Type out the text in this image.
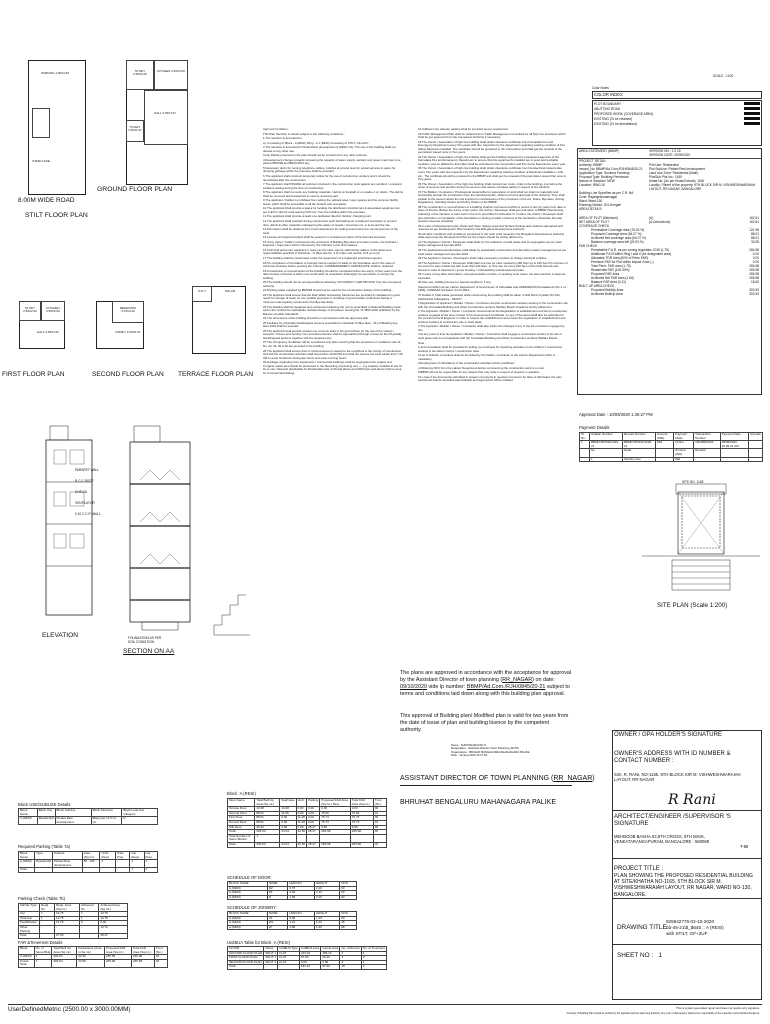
SCALE 1:100
Color Notes
COLOR INDEX
PLOT BOUNDARY
ABUTTING ROAD
PROPOSED WORK (COVERAGE AREA)
EXISTING (To be retained)
EXISTING (To be demolished)
AREA STATEMENT (BBMP)	VERSION NO.: 1.0.16
VERSION DATE: 26/09/2020
PROJECT DETAIL:
Authority: BBMP	Plot Use: Residential
Inward_No: BBMP/Ad.Com./RJH/0845/20-21 Plot SubUse: Plotted Resi development
Application Type: Suvarna Parvangi	Land Use Zone: Residential (Main)
Proposal Type: Building Permission	Plot/Sub Plot No.: 1165
Nature of Sanction: NEW	Khata No. (As per Khata Extract): 1165
Location: RING-III	Locality / Street of the property: 5TH BLOCK SIR M. VISHWESHWARAIAH LAYOUT, RR NAGAR, BANGALORE
Building Line Specified as per Z.R: NA
Zone: Rajarajeshwarinagar
Ward: Ward-130
Planning District: 301-Kengeri
AREA DETAILS:
AREA OF PLOT (Minimum)	(A)	162.61
NET AREA OF PLOT	(A-Deductions)	162.61
COVERAGE CHECK
Permissible Coverage area (75.00 %)	121.96
Proposed Coverage Area (54.07 %)	88.01
Achieved Net coverage area (54.07 %)	88.01
Balance coverage area left (20.93 %)	33.95
FAR CHECK
Permissible F.A.R. as per zoning regulation 2015 (1.75)	284.58
Additional F.A.R within Ring I and II (for designated area)	0.00
Allowable TDR Area (60% of Perm.FAR)	0.00
Premium FAR for Plot within Impact Zone (-)	0.00
Total Perm. FAR area (1.75)	284.58
Residential FAR (100.00%)	265.98
Proposed FAR Area	265.98
Achieved Net FAR Area (1.64)	265.98
Balance FAR Area (0.11)	18.60
BUILT UP AREA CHECK
Proposed BuiltUp Area	303.53
Achieved BuiltUp Area	303.53
Approval Date : 10/09/2020 1:36:27 PM
Payment Details
Sr No.	Challan Number	Receipt Number	Amount (INR)	Payment Mode	Transaction Number	Payment Date	Remark
1	BBMP/18794/CH/20-21	BBMP/18794/CH/20-21	894	Online	10445800163	08/09/2020 10:09:31 AM	
	No.	Head		Amount (INR)	Remark		
	1	Scrutiny Fee		894	-		
SITE NO. 1165
SITE PLAN (Scale 1:200)

Approval Condition :

This Plan Sanction is issued subject to the following conditions :

1.The sanction is accorded for.

a). Consisting of 'Block - A (RESI) Wing - A 1 (RESI) Consisting of STILT, GF+2UF'.

2.The sanction is accorded for Plotted Resi development A (RESI) only. The use of the building shall not deviate to any other use.

3.Car Parking reserved in the plan should not be converted for any other purpose.

4.Development charges towards increasing the capacity of water supply, sanitary and power main has to be paid to BWSSB and BESCOM if any.

5.Necessary ducts for running telephone cables, cubicles at ground level for postal services & space for dumping garbage within the premises shall be provided.

6.The applicant shall construct temporary toilets for the use of construction workers and it should be demolished after the construction.

7.The applicant shall INSURE all workmen involved in the construction work against any accident / untoward incidents arising during the time of construction.

8.The applicant shall not stock any building materials / debris on footpath or on roads or on drains. The debris shall be removed and transported to near by dumping yard.

9.The applicant / builder is prohibited from selling the setback area / open spaces and the common facility areas, which shall be accessible to all the tenants and occupants.

10.The applicant shall provide a space for locating the distribution transformers & associated equipment as per K.E.R.C (Es.D) code leaving 3.00 mts. from the building within the premises.

11.The applicant shall provide at least one dedicated 'Electric Vehicle' charging point.

12.The applicant shall maintain during construction such barricading as considered necessary to prevent dust, debris & other materials endangering the safety of people / structures etc. in & around the site.

13.Permission shall be obtained from forest department for cutting trees before the commencement of the work.

14.License and approved plans shall be posted in a conspicuous place of the licensed premises.

15.If any owner / builder contravenes the provisions of Building Bye-laws and rules in force, the Architect / Engineer / Supervisor will be informed by the Authority in the first instance.

16.Technical personnel, applicant or owner as the case may be shall strictly adhere to the duties and responsibilities specified in Schedule - IV (Bye-law No. 3.6) under sub section IV-8 (e) to (k).

17.The building shall be constructed under the supervision of a registered structural engineer.

18.On completion of foundation or footings before erection of walls on the foundation and in the case of columnar structure before erecting the columns 'COMMENCEMENT CERTIFICATE' shall be obtained.

19.Construction or reconstruction of the building should be completed before the expiry of five years from the date of issue of license & within one month after its completion shall apply for permission to occupy the building.

20.The building should not be occupied without obtaining 'OCCUPANCY CERTIFICATE' from the competent authority.

21.Drinking water supplied by BWSSB should not be used for the construction activity of the building.

22.The applicant shall ensure that the Rain Water Harvesting Structures are provided & maintained in good repair for storage of water for non potable purposes or recharge of ground water at all times having a minimum total capacity mentioned in the Bye-law 32(a).

23.The building shall be designed and constructed adopting the norms prescribed in National Building Code and in the 'Criteria for earthquake resistant design of structures' bearing No. IS 1893-2002 published by the Bureau of Indian Standards.

24.The dimensions of the building should be in accordance with the approved plan.

25.Facilities for physically handicapped persons prescribed in schedule XI (Bye laws - 31) of Building bye-laws 2003 shall be ensured.

26.The applicant shall provide at least one common toilet in the ground floor for the use of the visitors / servants / drivers and security men and also entrance shall be approached through a ramp for the Physically Handicapped persons together with the stepped entry.

27.The Occupancy Certificate will be considered only after ensuring that the provisions of conditions vide Sl. No. 23, 24, 25 & 26 are provided in the building.

28.The applicant shall ensure that no inconvenience is caused to the neighbors in the vicinity of construction and that the construction activities shall stop before 10.00 PM and shall not resume the work earlier than 7.00 AM to avoid hindrance during late hours and early morning hours.

29.Garbage originating from Apartments / Commercial buildings shall be segregated into organic and inorganic waste and should be processed in the Recycling processing unit ---- k.g capacity installed at site for its re-use / disposal (Applicable for Residential units of 20 and above and 2000 Sqm and above built up area for Commercial building).

31.Sufficient two wheeler parking shall be provided as per requirement.

32.Traffic Management Plan shall be obtained from Traffic Management Consultant for all high rise structures which shall be got approved from the Competent Authority if necessary.

33.The Owner / Association of high-rise building shall obtain clearance certificate from Karnataka Fire and Emergency Department every Two years with due inspection by the department regarding working condition of Fire Safety Measures installed. The certificate should be produced to the Corporation and shall get the renewal of the permission issued once in Two years.

34.The Owner / Association of high-rise building shall get the building inspected by empaneled agencies of the Karnataka Fire and Emergency Department to ensure that the equipment's installed are in good and workable condition, and an affidavit to that effect shall be submitted to the Corporation and Fire Force Department every year.

35.The Owner / Association of high-rise building shall obtain clearance certificate from the Electrical Inspectorate every Two years with due inspection by the Department regarding working condition of Electrical installation / Lifts etc., The certificate should be produced to the BBMP and shall get the renewal of the permission issued that once in Two years.

36.The Owner / Association of the high-rise building shall conduct two mock - trials in the building, one before the onset of summer and another during the summer and assure complete safety in respect of fire hazards.

37.The Builder / Contractor / Professional responsible for supervision of work shall not shall not materially and structurally deviate the construction from the sanctioned plan, without previous approval of the authority. They shall explain to the owner's about the risk involved in contravention of the provisions of the Act, Rules, Bye-laws, Zoning Regulations, Standing Orders and Policy Orders of the BBMP.

38.The construction or reconstruction of a building shall be commenced within a period of two (2) years from date of issue of licence. Before the expiry of two years, the Owner / Developer shall give intimation to BBMP (Sanctioning Authority) of the intention to start work in the form prescribed in Schedule VI. Further, the Owner / Developer shall give intimation on completion of the foundation or footing of walls / columns of the foundation. Otherwise the plan sanction deemed cancelled.

39.In case of Development plan, Parks and Open Spaces area and Surface Parking area shall be earmarked and reserved as per Development Plan issued by the Bangalore Development Authority.

40.All other conditions and conditions mentioned in the work order issued by the Bangalore Development Authority while approving the Development Plan for the project should be strictly adhered to.

41.The Applicant / Owner / Developer shall abide by the collection of solid waste and its segregation as per solid waste management bye-law 2016.

42.The applicant/owner/developer shall abide by sustainable construction and demolition waste management as per solid waste management bye-law 2016.

43.The Applicant / Owners / Developers shall make necessary provision to charge electrical vehicles.

44.The Applicant / Owner / Developer shall plant one tree for sites measuring 180 Sqm up to 240 Sqm b) minimum of two trees for sites measuring with more than 240 Sqm. c) One tree for every 240 Sqm of the FAR area as part thereof in case of Apartment / group housing / multi-dwelling unit/development plan.

45.In case of any false information, misrepresentation of facts, or pending court cases, the plan sanction is deemed cancelled.

46.Also see, building licence for special conditions, if any.

Special Condition as per Labour Department of Government of Karnataka vide ADDENDUM (Karnataka Act No.1 of 1996), LD/95/LET/13 dated: 01-04-2013 :

47.Details of C&D waste generated while constructing the building shall be taken to NIE Rock Crystals NO.13A CHIKKAJALA Bangalore - 562157.

1.Registration of Applicant / Builder / Owner / Contractor and the construction workers working in the construction site with the 'Karnataka Building and Other Construction workers Welfare Board' should be strictly adhered to.

2.The Applicant / Builder / Owner / Contractor should submit the Registration of establishment and list of construction workers engaged at the time of issue of Commencement Certificate. A copy of the same shall also be submitted to the concerned local Engineer in order to inspect the establishment and ensure the registration of establishment and workers working at construction site or work place.

3.The Applicant / Builder / Owner / Contractor shall also inform the changes if any of the list of workers engaged by him.

4.At any point of time No Applicant / Builder / Owner / Contractor shall engage a construction worker in his site or work place who is not registered with the 'Karnataka Building and Other Construction workers Welfare Board'.

Note :

1.Accommodation shall be provided for setting up of schools for imparting education to the children f construction workers in the labour camps / construction sites.

2.List of children of workers shall be furnished by the builder / contractor to the Labour Department which is mandatory.

3.Employment of child labour in the construction activities strictly prohibited.

4.Obtaining NOC from the Labour Department before commencing the construction work is a must.

5.BBMP will not be responsible for any dispute that may arise in respect of property in question.

6.In case if the documents submitted in respect of property in question is found to be false or fabricated, the plan sanctioned stands cancelled automatically and legal action will be initiated.

The plans are approved in accordance with the acceptance for approval by the Assistant Director of town planning (RR_NAGAR) on date: 09/10/2020 vide lp number: BBMP/Ad.Com./RJH/0845/20-21 subject to terms and conditions laid down along with this building plan approval.
This approval of Building plan/ Modified plan is valid for two years from the date of issue of plan and building licence by the competent authority.
Name : SURYANARAYAN S
Designation : Assistant Director Town Planning (ADTP)
Organization : BRUHAT BANGALORE MAHANAGARA PALIKE
Date : 10-Sep-2020 13:17:04
ASSISTANT DIRECTOR OF TOWN PLANNING (RR_NAGAR)
BHRUHAT BENGALURU MAHANAGARA PALIKE
OWNER / GPA HOLDER'S SIGNATURE
OWNER'S ADDRESS WITH ID NUMBER & CONTACT NUMBER :
Smt. R. RANI. NO-1165, 5TH BLOCK SIR M. VISHWESHWARAIAH LAYOUT, RR NAGAR
R Rani
ARCHITECT/ENGINEER /SUPERVISOR 'S SIGNATURE
MEHBOOB BASHA.03,8TH CROSS, 5TH MAIN, VENKATARANGAPURAM, BANGALORE - 560088
T-86
PROJECT TITLE :
PLAN SHOWING THE PROPOSED RESIDENTIAL BUILDING AT SITE/KHATHA NO-1165, 5TH BLOCK SIR M. VISHWESHWARAIAH LAYOUT, RR NAGAR, WARD NO-130, BANGALORE.
DRAWING TITLE :
925842776-02-10-2020
04-45-21\$_$645 :: A (RESI)
with STILT, GF+2UF
SHEET NO : 1
UserDefinedMetric (2500.00 x 3000.00MM)	This is system generated report and does not require any signature.
Accuracy of Building Plan should be verified by the applicant and the approving authority. Any error or discrepancy shall be the responsibility of the respective owner/architect/engineer.
PARKING 4.30X4.30
STAIR CASE
8.00M WIDE ROAD
STILT FLOOR PLAN
STUDY 2.50X2.00
KITCHEN 2.50X2.00
TOILET 1.50X1.97
HALL 3.35X4.67
GROUND FLOOR PLAN
STUDY 2.50X2.00
KITCHEN 2.50X2.00
HALL 3.35X4.67
BEDROOM 4.70X3.40
FAMILY 3.50X2.97
O.D.T	SOLAR
FIRST FLOOR PLAN	SECOND FLOOR PLAN TERRACE FLOOR PLAN
ELEVATION
PARAPET WALL
R.C.C ROOF
CHEJJA
VENTILATOR
0.10 C.C.P. WALL
FOUNDATION AS PER SOIL CONDITION
SECTION ON AA
Block USE/SUBUSE Details
Block Name	Block Use	Block SubUse	Block Structure	Block Land Use Category
A (RESI)	Residential	Plotted Resi development	Bldg upto 11.5 mt. Ht.	R
Required Parking (Table 7a)
Block Name	Type	SubUse	Area (Sq.mt.)	Units Reqd.	Units Prop.	Car Reqd.	Car Prop.
A (RESI)	Residential	Plotted Resi development	50 - 225	1	-	1	1
Total :				-	-	1	1
Parking Check (Table 7b)
Vehicle Type	Reqd. No.	Reqd. Area (Sq.mt.)	Achieved No.	Achieved Area (Sq.mt.)
Car	1	13.75	1	13.75
Total Car	1	13.75	1	13.75
TwoWheeler	-	13.75	0	0.00
Other Parking	-	-	-	14.72
Total		27.50		28.47
FAR &Tenement Details
Block	No. of Same Bldg	Total Built Up Area (Sq.mt.)	Deductions (Area in Sq.mt.)	Proposed FAR Area (Sq.mt.)	Total FAR Area (Sq.mt.)	Tnmt (No.)
A (RESI)	1	303.53	22.56	265.98	265.98	02
Grand Total :	1	303.53	22.56	265.98	265.98	02
Block :A (RESI)
Floor Name	Total Built Up Area (Sq.mt.)	StairCase	Void	Parking	Proposed FAR Area (Sq.mt.) Resi.	Total FAR Area (Sq.mt.)	Tnmt (No.)
Terrace Floor	13.28	13.28	0.00	0.00	0.00	0.00	00
Second Floor	88.01	11.05	0.00	0.00	76.96	76.96	01
First Floor	88.01	0.00	11.28	0.00	76.73	76.73	00
Ground Floor	88.01	0.00	11.28	0.00	76.73	76.73	01
Stilt Floor	26.22	0.00	0.00	28.47	9.56	9.56	00
Total:	303.53	24.33	22.56	28.47	265.98	265.98	02
Total Number of Same Blocks :	1						
Total :	303.53	24.33	22.56	28.47	265.98	265.98	02
SCHEDULE OF DOOR:
BLOCK NAME	NAME	LENGTH	HEIGHT	NOS
A (RESI)	D2	0.76	2.10	03
A (RESI)	D1	0.90	2.10	03
A (RESI)	D	1.06	2.10	02
SCHEDULE OF JOINERY:
BLOCK NAME	NAME	LENGTH	HEIGHT	NOS
A (RESI)	V1	0.90	1.20	03
A (RESI)	W1	1.21	1.20	15
A (RESI)	W	1.80	1.20	08
UnitBUA Table for Block :A (RESI)
FLOOR	Name	UnitBUA Type	UnitBUA Area	Carpet Area	No. of Rooms	No. of Tenement
GROUND FLOOR PLAN	SPLIT 1	FLAT	223.02	159.16	4	1
FIRST FLOOR PLAN	SPLIT 1	FLAT	57.00	29.26	4	0
SECOND FLOOR PLAN	SPLIT 1	FLAT	0.00	0.00	4	1
Total:	-	-	181.24	57.00	15	2
